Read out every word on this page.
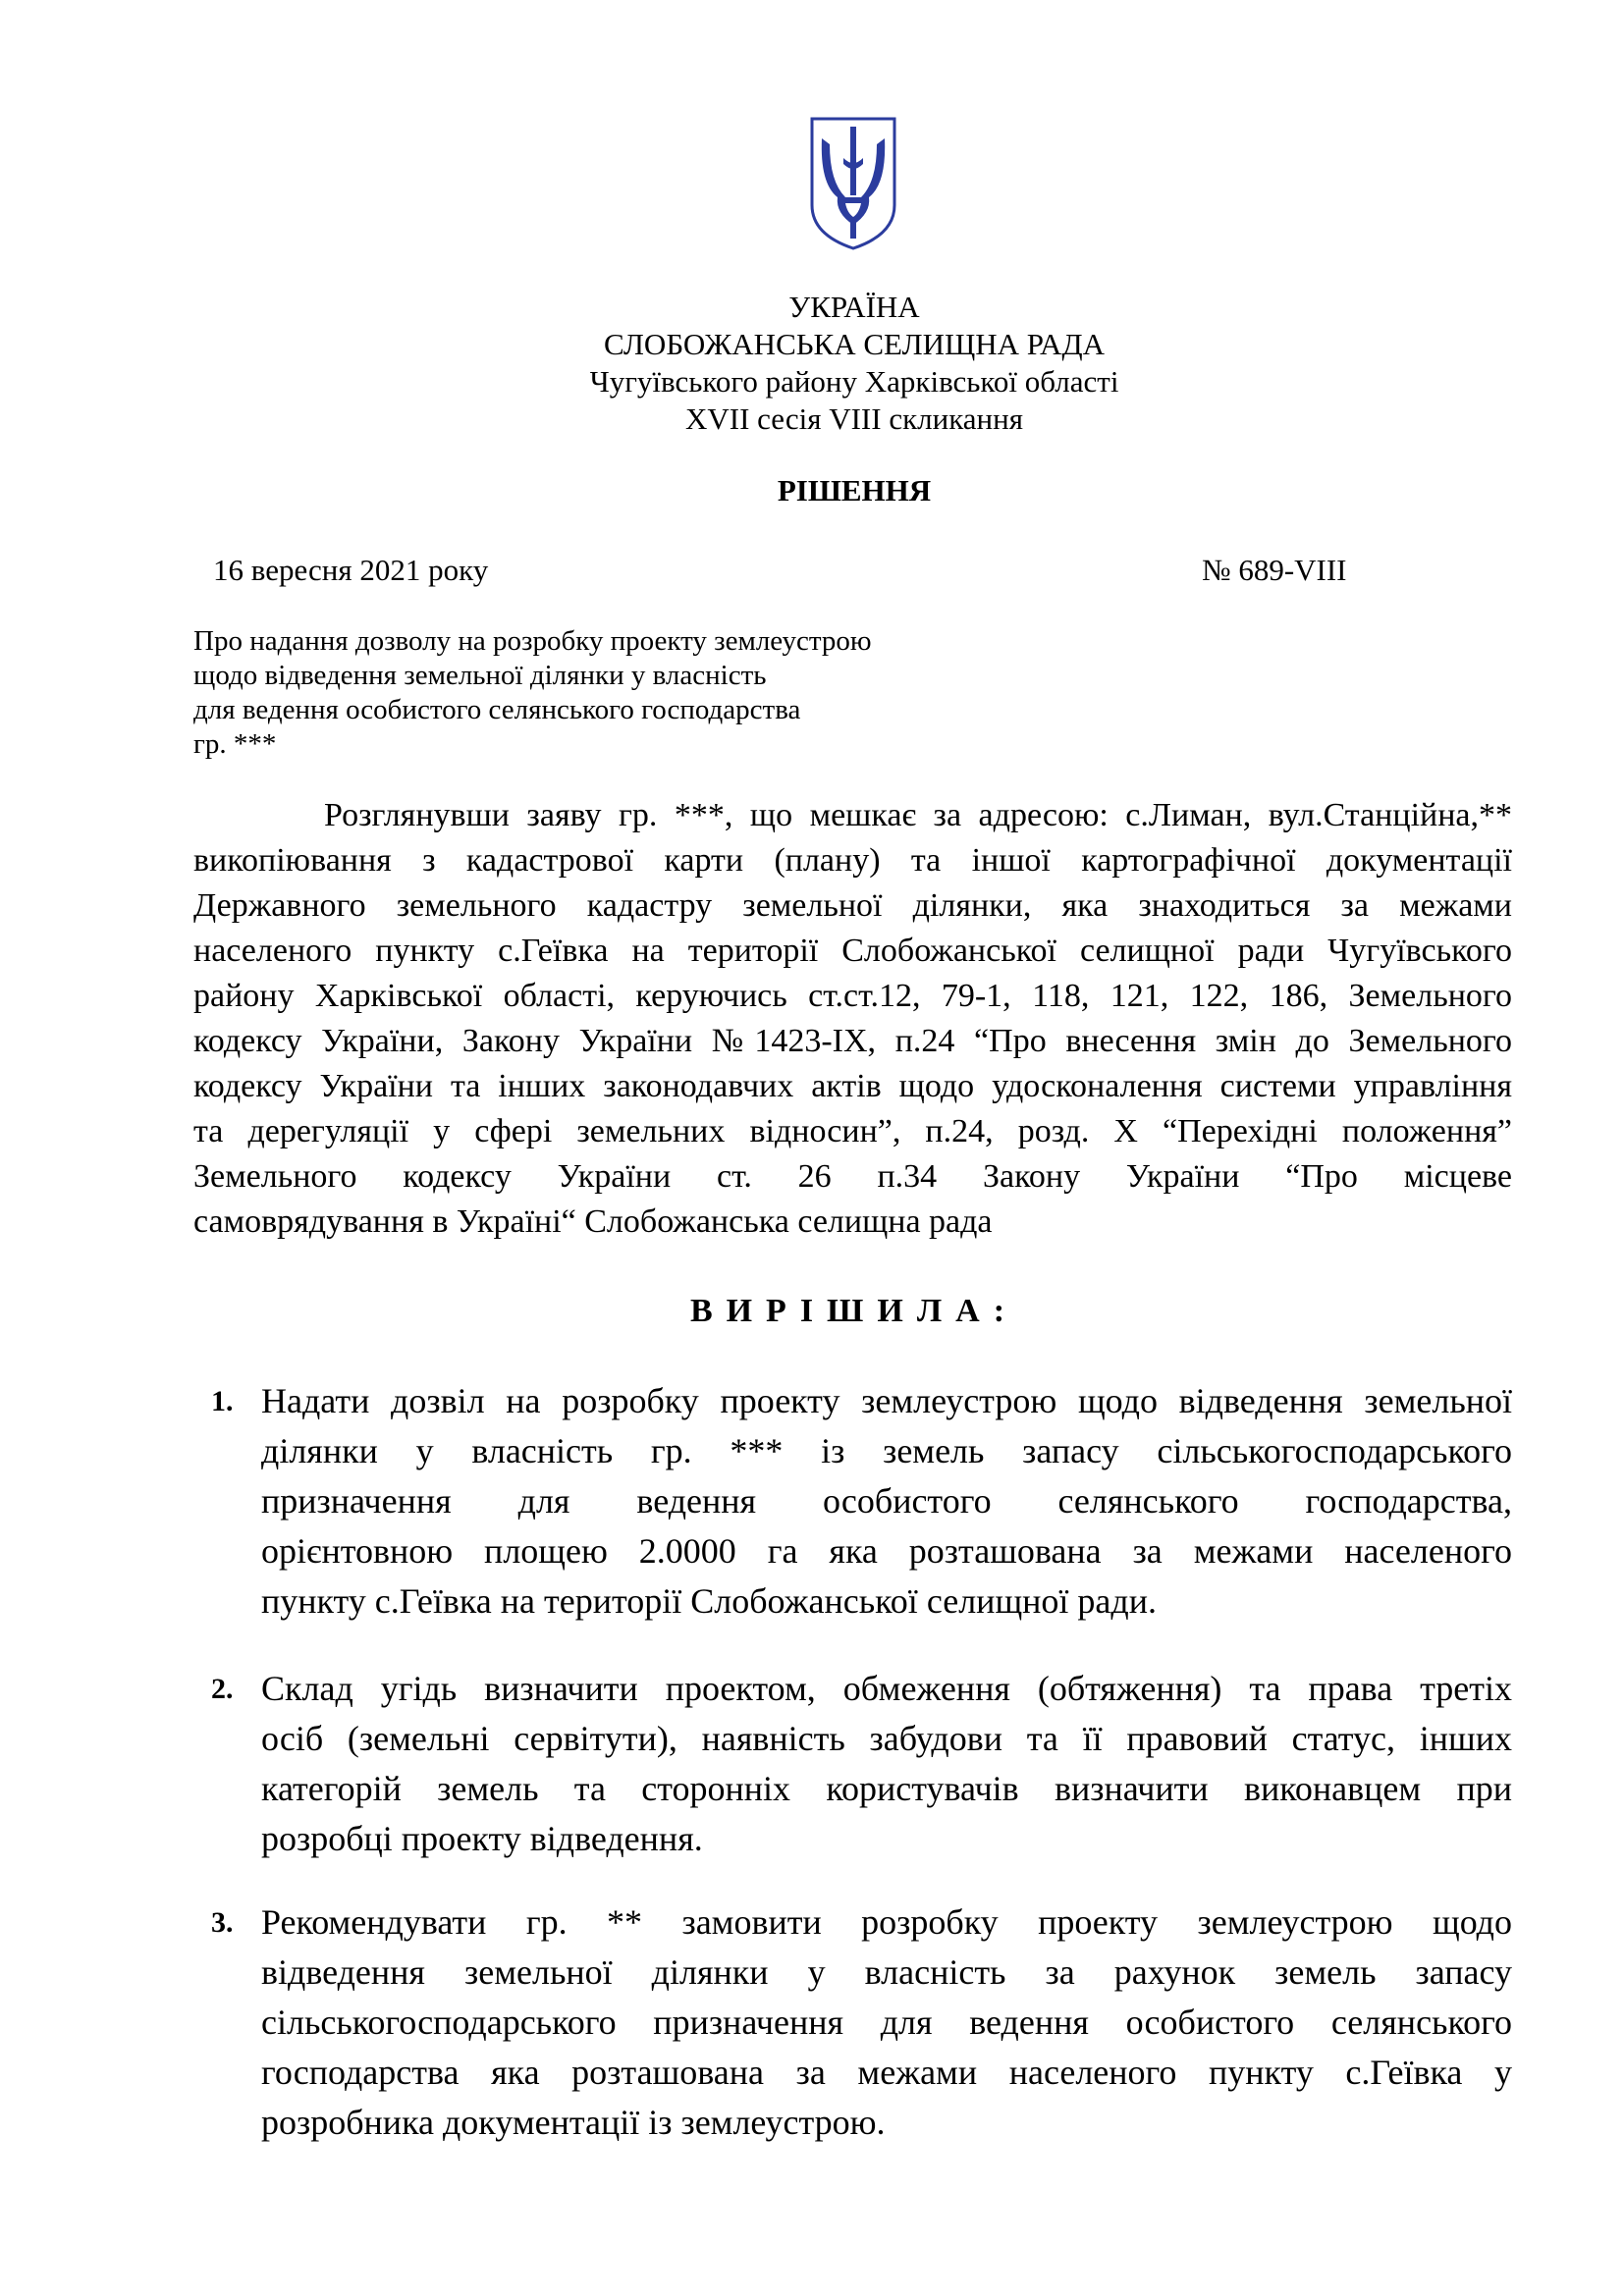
УКРАЇНА
СЛОБОЖАНСЬКА СЕЛИЩНА РАДА
Чугуївського району Харківської області
XVII сесія VIII скликання
РІШЕННЯ
16 вересня 2021 року	№ 689-VIII
Про надання дозволу на розробку проекту землеустрою
щодо відведення земельної ділянки у власність
для ведення особистого селянського господарства
гр. ***
Розглянувши заяву гр. ***, що мешкає за адресою: с.Лиман, вул.Станційна,**
викопіювання з кадастрової карти (плану) та іншої картографічної документації
Державного земельного кадастру земельної ділянки, яка знаходиться за межами
населеного пункту с.Геївка на території Слобожанської селищної ради Чугуївського
району Харківської області, керуючись ст.ст.12, 79-1, 118, 121, 122, 186, Земельного
кодексу України, Закону України №1423-IX, п.24 “Про внесення змін до Земельного
кодексу України та інших законодавчих актів щодо удосконалення системи управління
та дерегуляції у сфері земельних відносин”, п.24, розд. X “Перехідні положення”
Земельного кодексу України ст. 26 п.34 Закону України “Про місцеве
самоврядування в Україні“ Слобожанська селищна рада
ВИРІШИЛА:
1. Надати дозвіл на розробку проекту землеустрою щодо відведення земельної
ділянки у власність гр. *** із земель запасу сільськогосподарського
призначення для ведення особистого селянського господарства,
орієнтовною площею 2.0000 га яка розташована за межами населеного
пункту с.Геївка на території Слобожанської селищної ради.
2. Склад угідь визначити проектом, обмеження (обтяження) та права третіх
осіб (земельні сервітути), наявність забудови та її правовий статус, інших
категорій земель та сторонніх користувачів визначити виконавцем при
розробці проекту відведення.
3. Рекомендувати гр. ** замовити розробку проекту землеустрою щодо
відведення земельної ділянки у власність за рахунок земель запасу
сільськогосподарського призначення для ведення особистого селянського
господарства яка розташована за межами населеного пункту с.Геївка у
розробника документації із землеустрою.
